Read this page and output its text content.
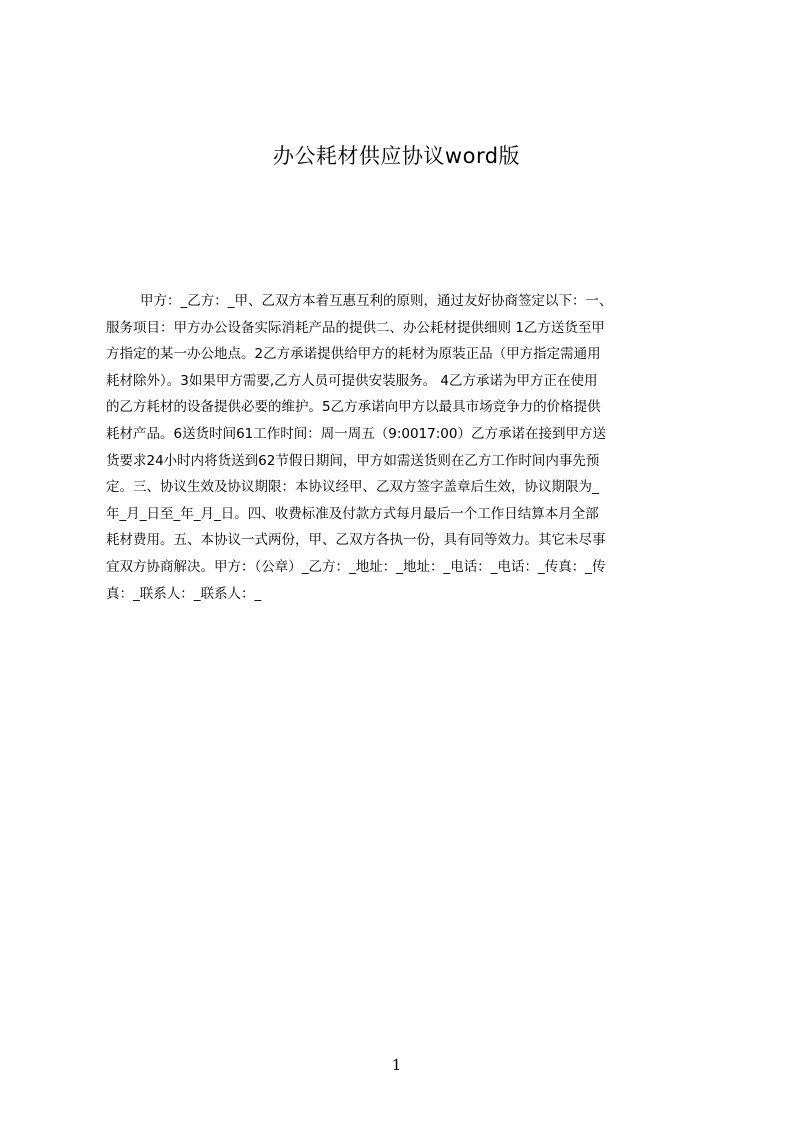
办公耗材供应协议word版
甲方：_乙方：_甲、乙双方本着互惠互利的原则，通过友好协商签定以下：一、
服务项目：甲方办公设备实际消耗产品的提供二、办公耗材提供细则 1乙方送货至甲
方指定的某一办公地点。2乙方承诺提供给甲方的耗材为原装正品（甲方指定需通用
耗材除外）。3如果甲方需要,乙方人员可提供安装服务。 4乙方承诺为甲方正在使用
的乙方耗材的设备提供必要的维护。5乙方承诺向甲方以最具市场竞争力的价格提供
耗材产品。6送货时间61工作时间：周一周五（9:0017:00）乙方承诺在接到甲方送
货要求24小时内将货送到62节假日期间，甲方如需送货则在乙方工作时间内事先预
定。三、协议生效及协议期限：本协议经甲、乙双方签字盖章后生效，协议期限为_
年_月_日至_年_月_日。四、收费标准及付款方式每月最后一个工作日结算本月全部
耗材费用。五、本协议一式两份，甲、乙双方各执一份，具有同等效力。其它未尽事
宜双方协商解决。甲方：（公章）_乙方：_地址：_地址：_电话：_电话：_传真：_传
真：_联系人：_联系人：_
1
